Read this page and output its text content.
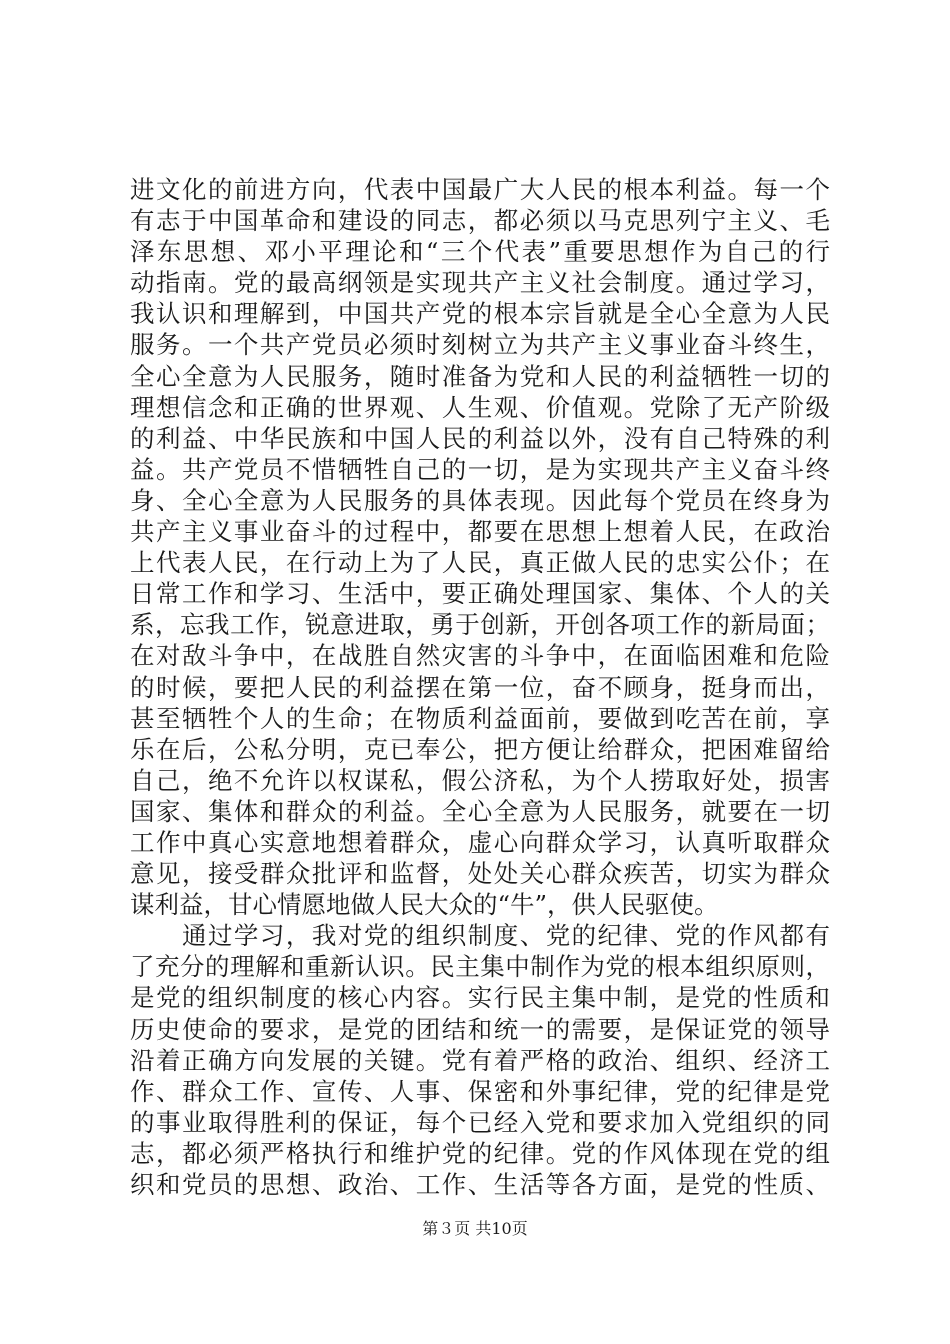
进文化的前进方向，代表中国最广大人民的根本利益。每一个
有志于中国革命和建设的同志，都必须以马克思列宁主义、毛
泽东思想、邓小平理论和“三个代表”重要思想作为自己的行
动指南。党的最高纲领是实现共产主义社会制度。通过学习，
我认识和理解到，中国共产党的根本宗旨就是全心全意为人民
服务。一个共产党员必须时刻树立为共产主义事业奋斗终生，
全心全意为人民服务，随时准备为党和人民的利益牺牲一切的
理想信念和正确的世界观、人生观、价值观。党除了无产阶级
的利益、中华民族和中国人民的利益以外，没有自己特殊的利
益。共产党员不惜牺牲自己的一切，是为实现共产主义奋斗终
身、全心全意为人民服务的具体表现。因此每个党员在终身为
共产主义事业奋斗的过程中，都要在思想上想着人民，在政治
上代表人民，在行动上为了人民，真正做人民的忠实公仆；在
日常工作和学习、生活中，要正确处理国家、集体、个人的关
系，忘我工作，锐意进取，勇于创新，开创各项工作的新局面；
在对敌斗争中，在战胜自然灾害的斗争中，在面临困难和危险
的时候，要把人民的利益摆在第一位，奋不顾身，挺身而出，
甚至牺牲个人的生命；在物质利益面前，要做到吃苦在前，享
乐在后，公私分明，克已奉公，把方便让给群众，把困难留给
自己，绝不允许以权谋私，假公济私，为个人捞取好处，损害
国家、集体和群众的利益。全心全意为人民服务，就要在一切
工作中真心实意地想着群众，虚心向群众学习，认真听取群众
意见，接受群众批评和监督，处处关心群众疾苦，切实为群众
谋利益，甘心情愿地做人民大众的“牛”，供人民驱使。
　　通过学习，我对党的组织制度、党的纪律、党的作风都有
了充分的理解和重新认识。民主集中制作为党的根本组织原则，
是党的组织制度的核心内容。实行民主集中制，是党的性质和
历史使命的要求，是党的团结和统一的需要，是保证党的领导
沿着正确方向发展的关键。党有着严格的政治、组织、经济工
作、群众工作、宣传、人事、保密和外事纪律，党的纪律是党
的事业取得胜利的保证，每个已经入党和要求加入党组织的同
志，都必须严格执行和维护党的纪律。党的作风体现在党的组
织和党员的思想、政治、工作、生活等各方面，是党的性质、
第３页 共10页
